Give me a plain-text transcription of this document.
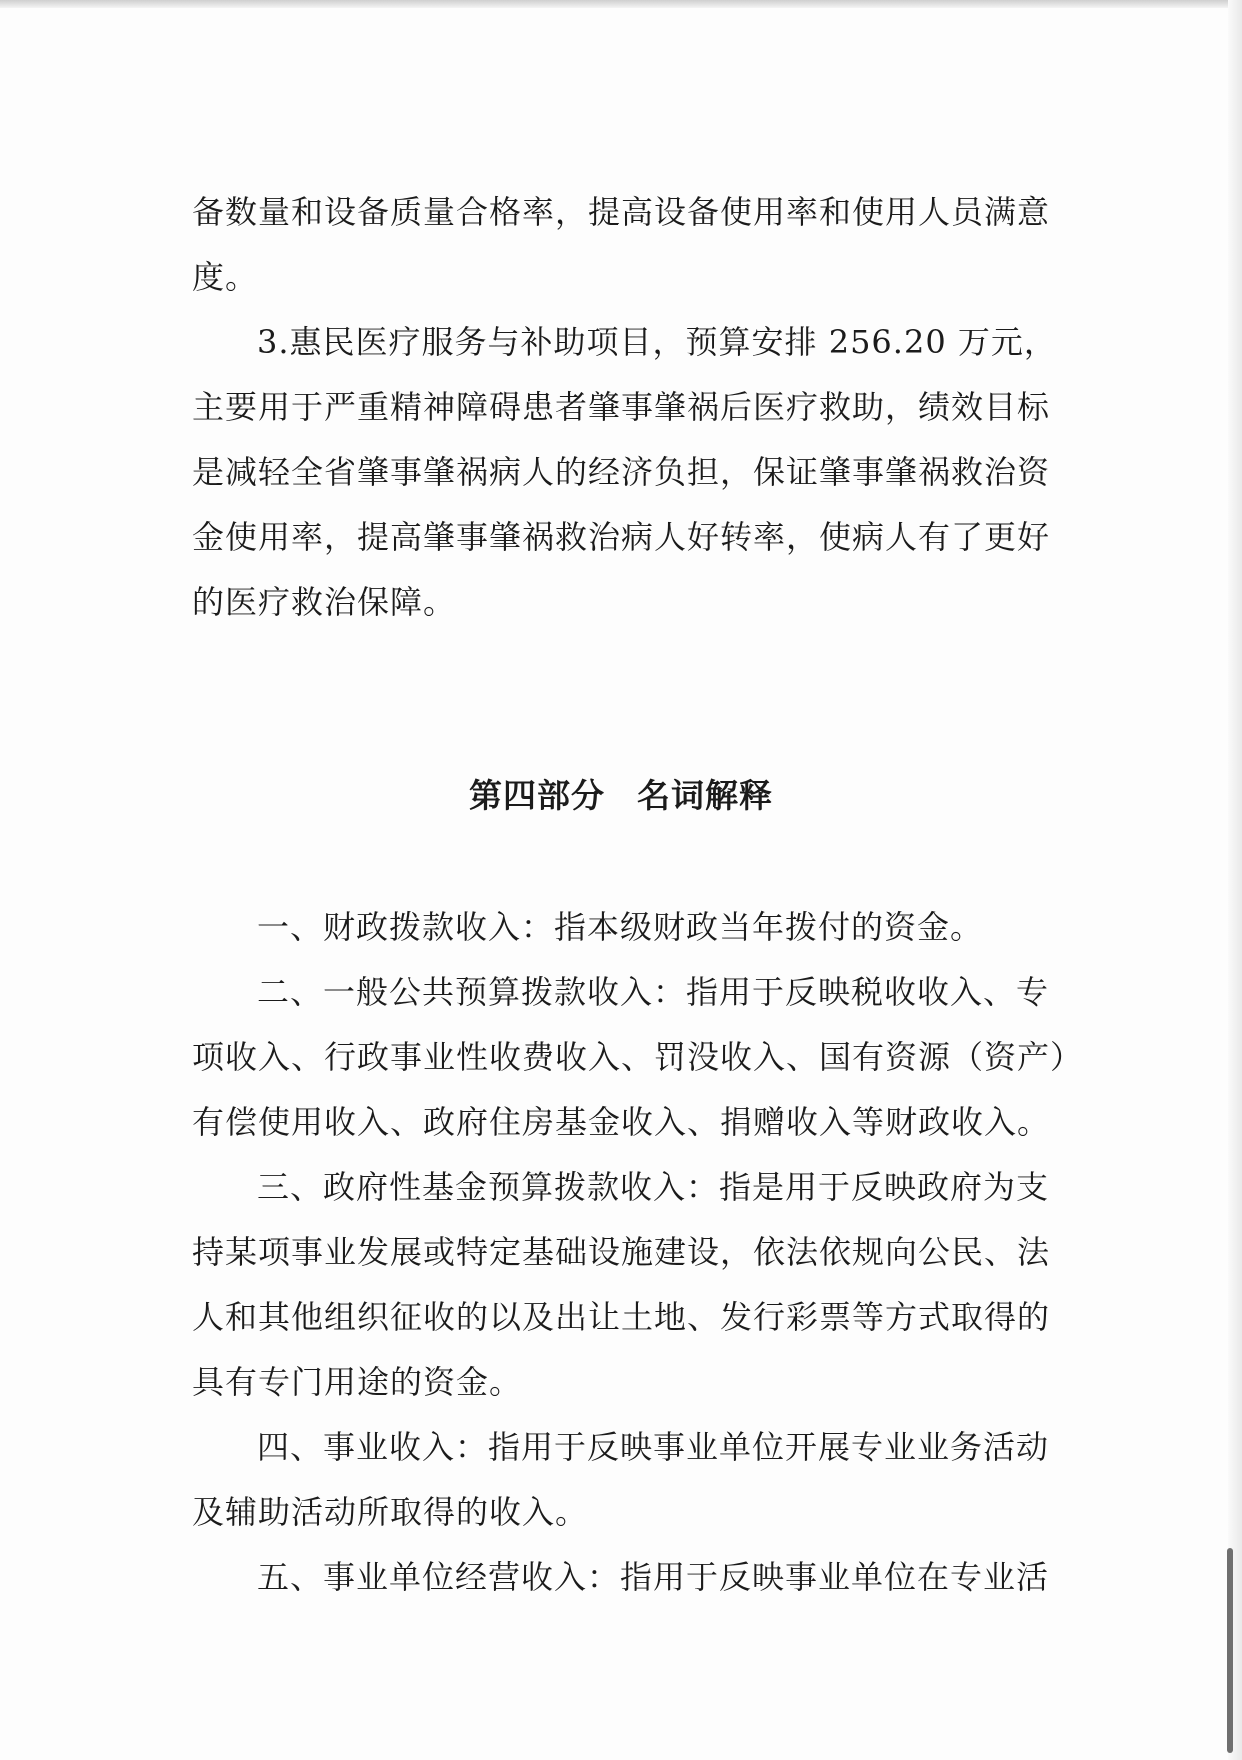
备数量和设备质量合格率，提高设备使用率和使用人员满意
度。
3.惠民医疗服务与补助项目，预算安排 256.20 万元，
主要用于严重精神障碍患者肇事肇祸后医疗救助，绩效目标
是减轻全省肇事肇祸病人的经济负担，保证肇事肇祸救治资
金使用率，提高肇事肇祸救治病人好转率，使病人有了更好
的医疗救治保障。
第四部分 名词解释
一、财政拨款收入：指本级财政当年拨付的资金。
二、一般公共预算拨款收入：指用于反映税收收入、专
项收入、行政事业性收费收入、罚没收入、国有资源（资产）
有偿使用收入、政府住房基金收入、捐赠收入等财政收入。
三、政府性基金预算拨款收入：指是用于反映政府为支
持某项事业发展或特定基础设施建设，依法依规向公民、法
人和其他组织征收的以及出让土地、发行彩票等方式取得的
具有专门用途的资金。
四、事业收入：指用于反映事业单位开展专业业务活动
及辅助活动所取得的收入。
五、事业单位经营收入：指用于反映事业单位在专业活
